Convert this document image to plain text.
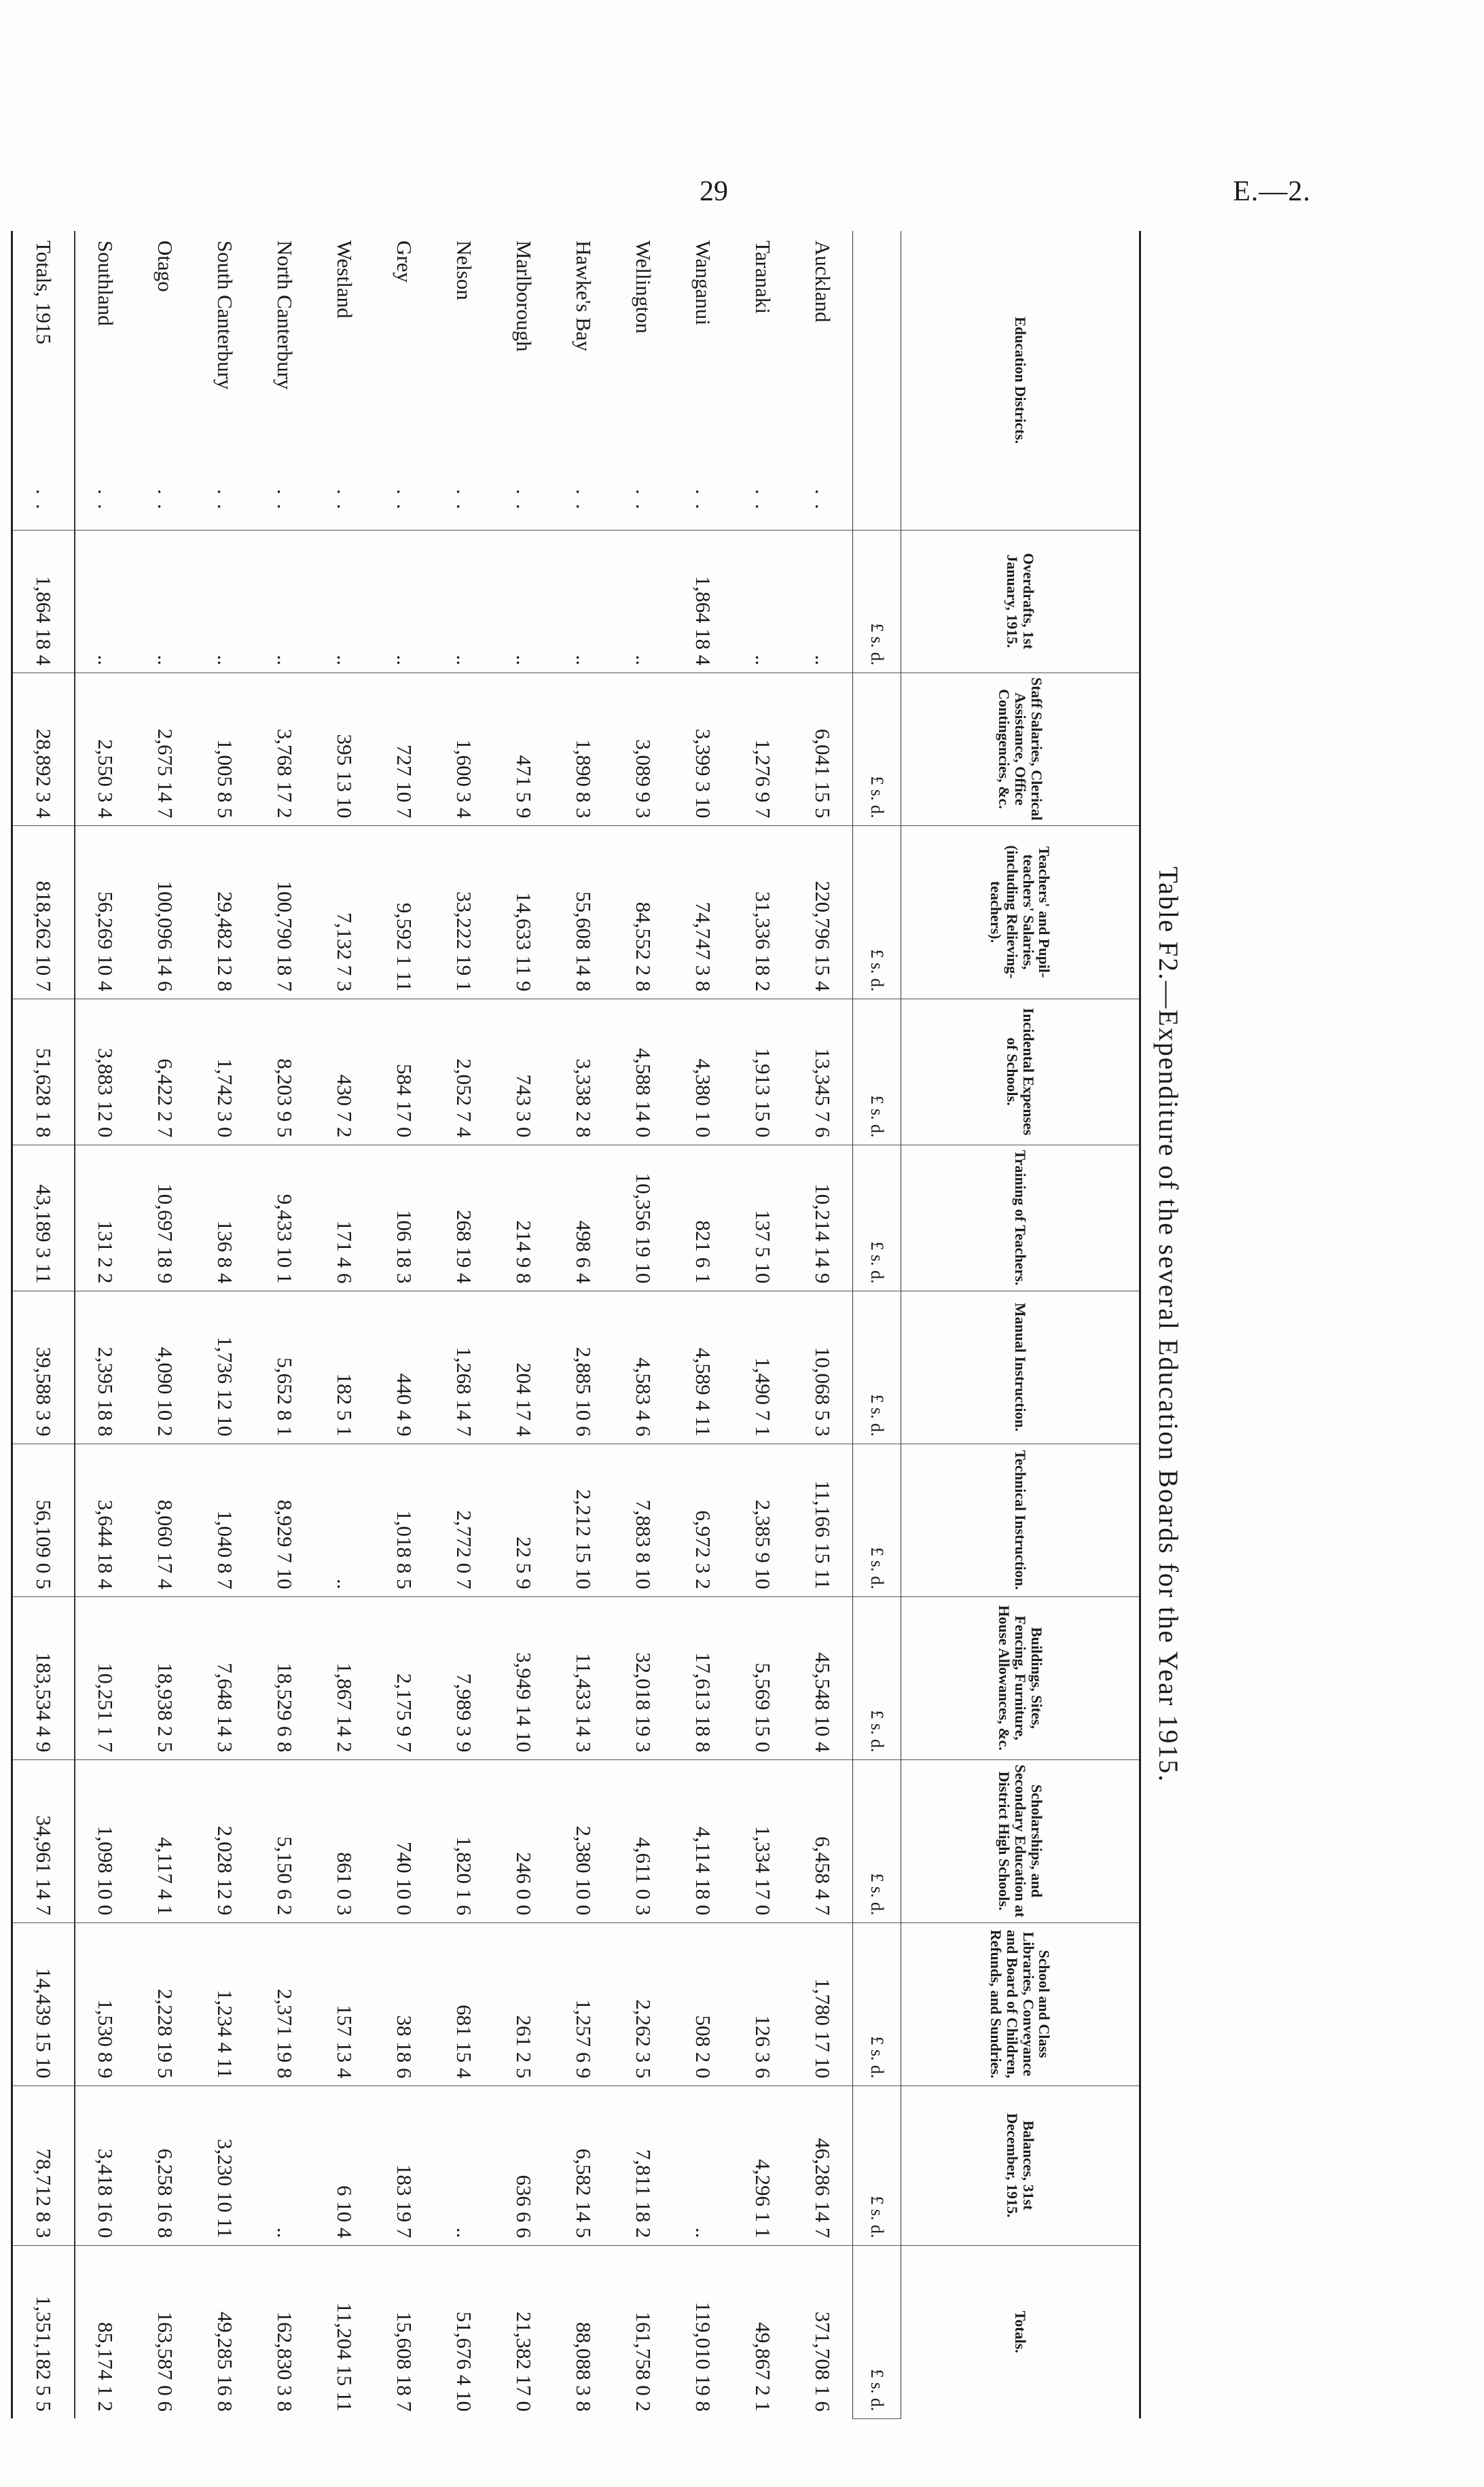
29	E.—2.
Table F2.—Expenditure of the several Education Boards for the Year 1915.
Education Districts.	Overdrafts, 1st January, 1915.	Staff Salaries, Clerical Assistance, Office Contingencies, &c.	Teachers' and Pupil-teachers' Salaries, (including Relieving-teachers).	Incidental Expenses of Schools.	Training of Teachers.	Manual Instruction.	Technical Instruction.	Buildings, Sites, Fencing, Furniture, House Allowances, &c.	Scholarships, and Secondary Education at District High Schools.	School and Class Libraries, Conveyance and Board of Children, Refunds, and Sundries.	Balances, 31st December, 1915.	Totals.
	£ s. d.	£ s. d.	£ s. d.	£ s. d.	£ s. d.	£ s. d.	£ s. d.	£ s. d.	£ s. d.	£ s. d.	£ s. d.	£ s. d.
Auckland
..	..	6,041 15 5	220,796 15 4	13,345 7 6	10,214 14 9	10,068 5 3	11,166 15 11	45,548 10 4	6,458 4 7	1,780 17 10	46,286 14 7	371,708 1 6
Taranaki
..	..	1,276 9 7	31,336 18 2	1,913 15 0	137 5 10	1,490 7 1	2,385 9 10	5,569 15 0	1,334 17 0	126 3 6	4,296 1 1	49,867 2 1
Wanganui
..	1,864 18 4	3,399 3 10	74,747 3 8	4,380 1 0	821 6 1	4,589 4 11	6,972 3 2	17,613 18 8	4,114 18 0	508 2 0	..	119,010 19 8
Wellington
..	..	3,089 9 3	84,552 2 8	4,588 14 0	10,356 19 10	4,583 4 6	7,883 8 10	32,018 19 3	4,611 0 3	2,262 3 5	7,811 18 2	161,758 0 2
Hawke's Bay
..	..	1,890 8 3	55,608 14 8	3,338 2 8	498 6 4	2,885 10 6	2,212 15 10	11,433 14 3	2,380 10 0	1,257 6 9	6,582 14 5	88,088 3 8
Marlborough
..	..	471 5 9	14,633 11 9	743 3 0	214 9 8	204 17 4	22 5 9	3,949 14 10	246 0 0	261 2 5	636 6 6	21,382 17 0
Nelson
..	..	1,600 3 4	33,222 19 1	2,052 7 4	268 19 4	1,268 14 7	2,772 0 7	7,989 3 9	1,820 1 6	681 15 4	..	51,676 4 10
Grey
..	..	727 10 7	9,592 1 11	584 17 0	106 18 3	440 4 9	1,018 8 5	2,175 9 7	740 10 0	38 18 6	183 19 7	15,608 18 7
Westland
..	..	395 13 10	7,132 7 3	430 7 2	171 4 6	182 5 1	..	1,867 14 2	861 0 3	157 13 4	6 10 4	11,204 15 11
North Canterbury
..	..	3,768 17 2	100,790 18 7	8,203 9 5	9,433 10 1	5,652 8 1	8,929 7 10	18,529 6 8	5,150 6 2	2,371 19 8	..	162,830 3 8
South Canterbury
..	..	1,005 8 5	29,482 12 8	1,742 3 0	136 8 4	1,736 12 10	1,040 8 7	7,648 14 3	2,028 12 9	1,234 4 11	3,230 10 11	49,285 16 8
Otago
..	..	2,675 14 7	100,096 14 6	6,422 2 7	10,697 18 9	4,090 10 2	8,060 17 4	18,938 2 5	4,117 4 1	2,228 19 5	6,258 16 8	163,587 0 6
Southland
..	..	2,550 3 4	56,269 10 4	3,883 12 0	131 2 2	2,395 18 8	3,644 18 4	10,251 1 7	1,098 10 0	1,530 8 9	3,418 16 0	85,174 1 2
Totals, 1915
..	1,864 18 4	28,892 3 4	818,262 10 7	51,628 1 8	43,189 3 11	39,588 3 9	56,109 0 5	183,534 4 9	34,961 14 7	14,439 15 10	78,712 8 3	1,351,182 5 5
